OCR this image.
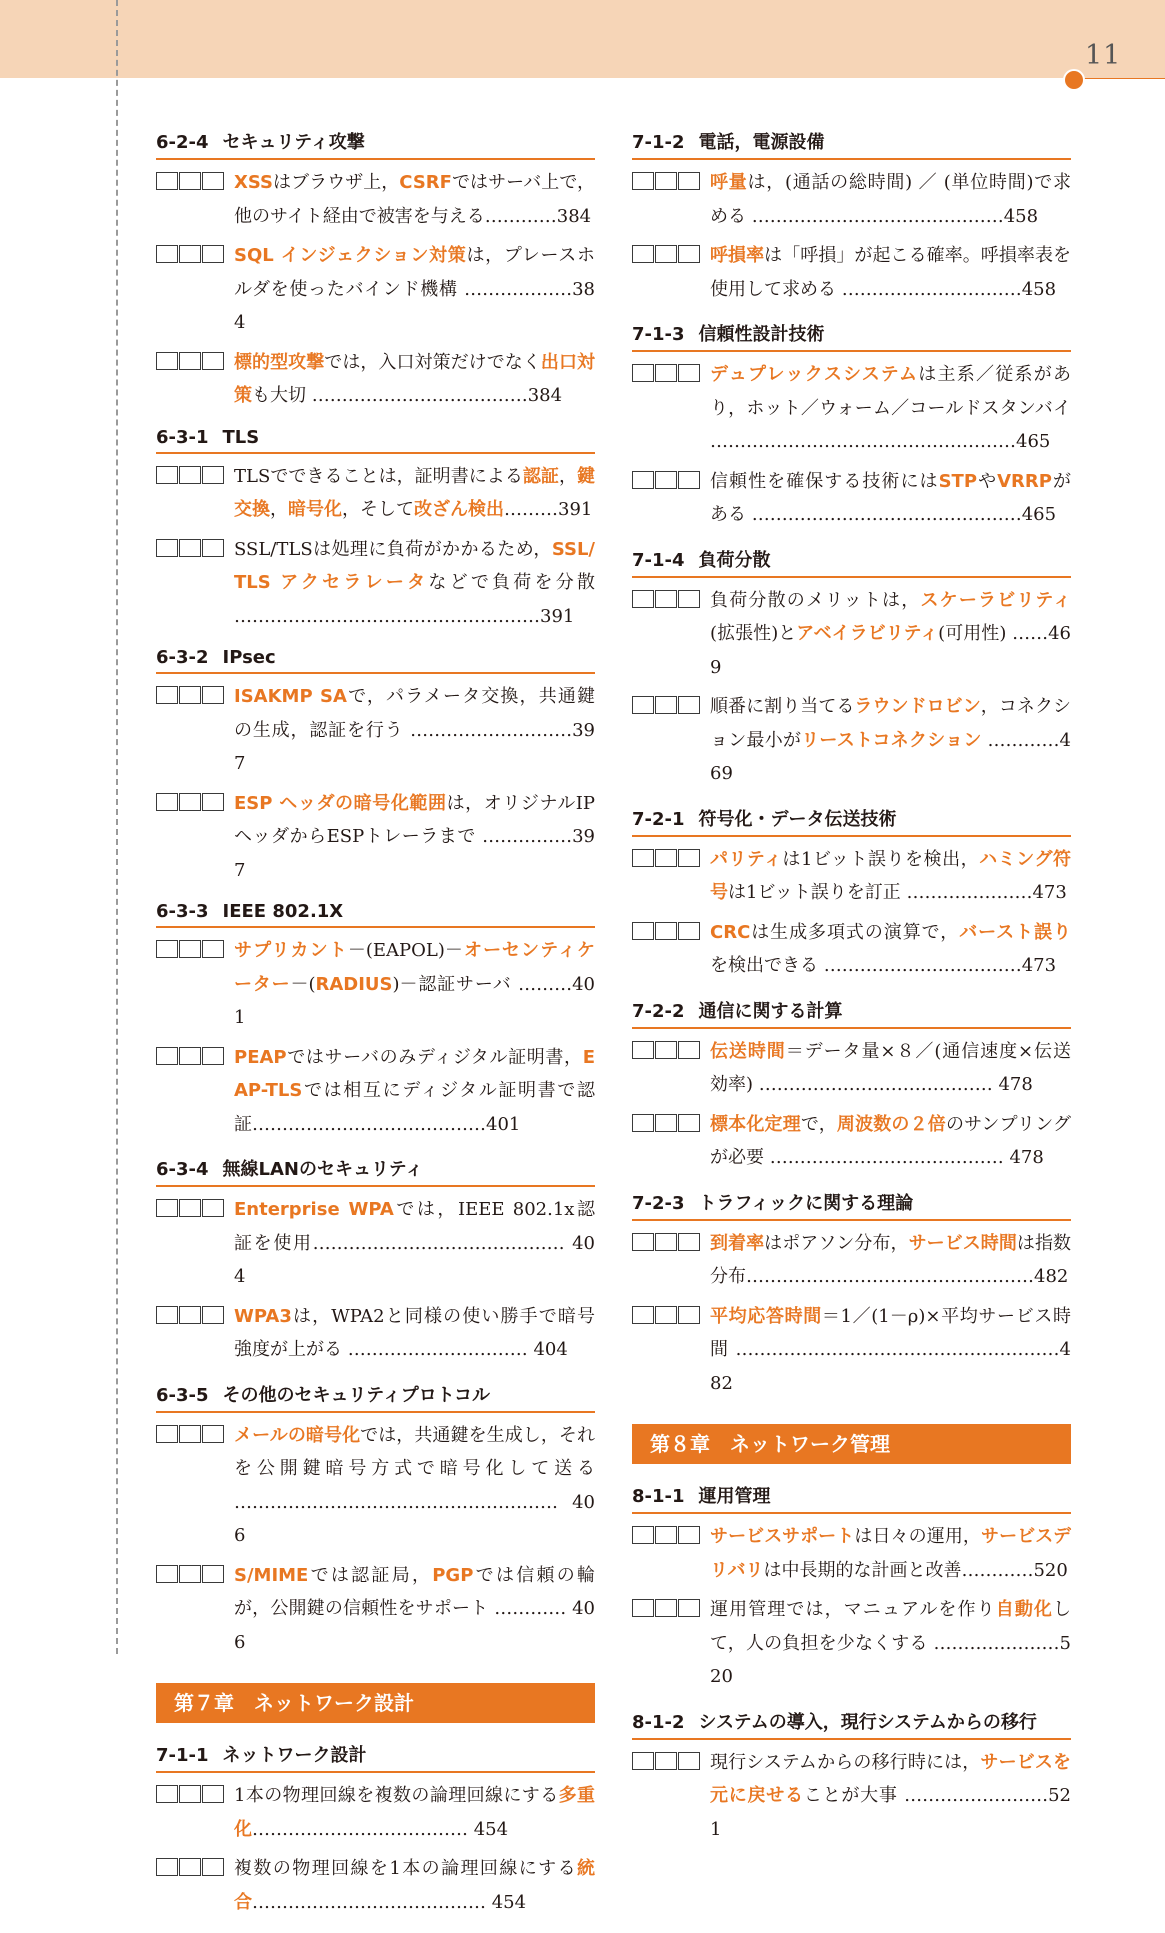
11
6-2-4 セキュリティ攻撃
XSSはブラウザ上，CSRFではサーバ上で，他のサイト経由で被害を与える…………384
SQL インジェクション対策は，プレースホルダを使ったバインド機構 ………………384
標的型攻撃では，入口対策だけでなく出口対策も大切 ………………………………384
6-3-1 TLS
TLSでできることは，証明書による認証，鍵交換，暗号化，そして改ざん検出………391
SSL/TLSは処理に負荷がかかるため，SSL/TLS アクセラレータなどで負荷を分散 ……………………………………………391
6-3-2 IPsec
ISAKMP SAで，パラメータ交換，共通鍵の生成，認証を行う ………………………397
ESP ヘッダの暗号化範囲は，オリジナルIPヘッダからESPトレーラまで ……………397
6-3-3 IEEE 802.1X
サプリカント－(EAPOL)－オーセンティケーター－(RADIUS)－認証サーバ ………401
PEAPではサーバのみディジタル証明書，EAP-TLSでは相互にディジタル証明書で認証…………………………………401
6-3-4 無線LANのセキュリティ
Enterprise WPAでは，IEEE 802.1x認証を使用…………………………………… 404
WPA3は，WPA2と同様の使い勝手で暗号強度が上がる ………………………… 404
6-3-5 その他のセキュリティプロトコル
メールの暗号化では，共通鍵を生成し，それを公開鍵暗号方式で暗号化して送る ……………………………………………… 406
S/MIMEでは認証局，PGPでは信頼の輪が，公開鍵の信頼性をサポート ………… 406
第７章　ネットワーク設計
7-1-1 ネットワーク設計
1本の物理回線を複数の論理回線にする多重化……………………………… 454
複数の物理回線を1本の論理回線にする統合………………………………… 454
7-1-2 電話，電源設備
呼量は，(通話の総時間) ／ (単位時間)で求める ……………………………………458
呼損率は「呼損」が起こる確率。呼損率表を使用して求める …………………………458
7-1-3 信頼性設計技術
デュプレックスシステムは主系／従系があり，ホット／ウォーム／コールドスタンバイ ……………………………………………465
信頼性を確保する技術にはSTPやVRRPがある ………………………………………465
7-1-4 負荷分散
負荷分散のメリットは，スケーラビリティ(拡張性)とアベイラビリティ(可用性) ……469
順番に割り当てるラウンドロビン，コネクション最小がリーストコネクション …………469
7-2-1 符号化・データ伝送技術
パリティは1ビット誤りを検出，ハミング符号は1ビット誤りを訂正 …………………473
CRCは生成多項式の演算で，バースト誤りを検出できる ……………………………473
7-2-2 通信に関する計算
伝送時間＝データ量×８／(通信速度×伝送効率) ………………………………… 478
標本化定理で，周波数の２倍のサンプリングが必要 ………………………………… 478
7-2-3 トラフィックに関する理論
到着率はポアソン分布，サービス時間は指数分布…………………………………………482
平均応答時間＝1／(1－ρ)×平均サービス時間………………………………………………482
第８章　ネットワーク管理
8-1-1 運用管理
サービスサポートは日々の運用，サービスデリバリは中長期的な計画と改善…………520
運用管理では，マニュアルを作り自動化して，人の負担を少なくする …………………520
8-1-2 システムの導入，現行システムからの移行
現行システムからの移行時には，サービスを元に戻せることが大事 ……………………521
